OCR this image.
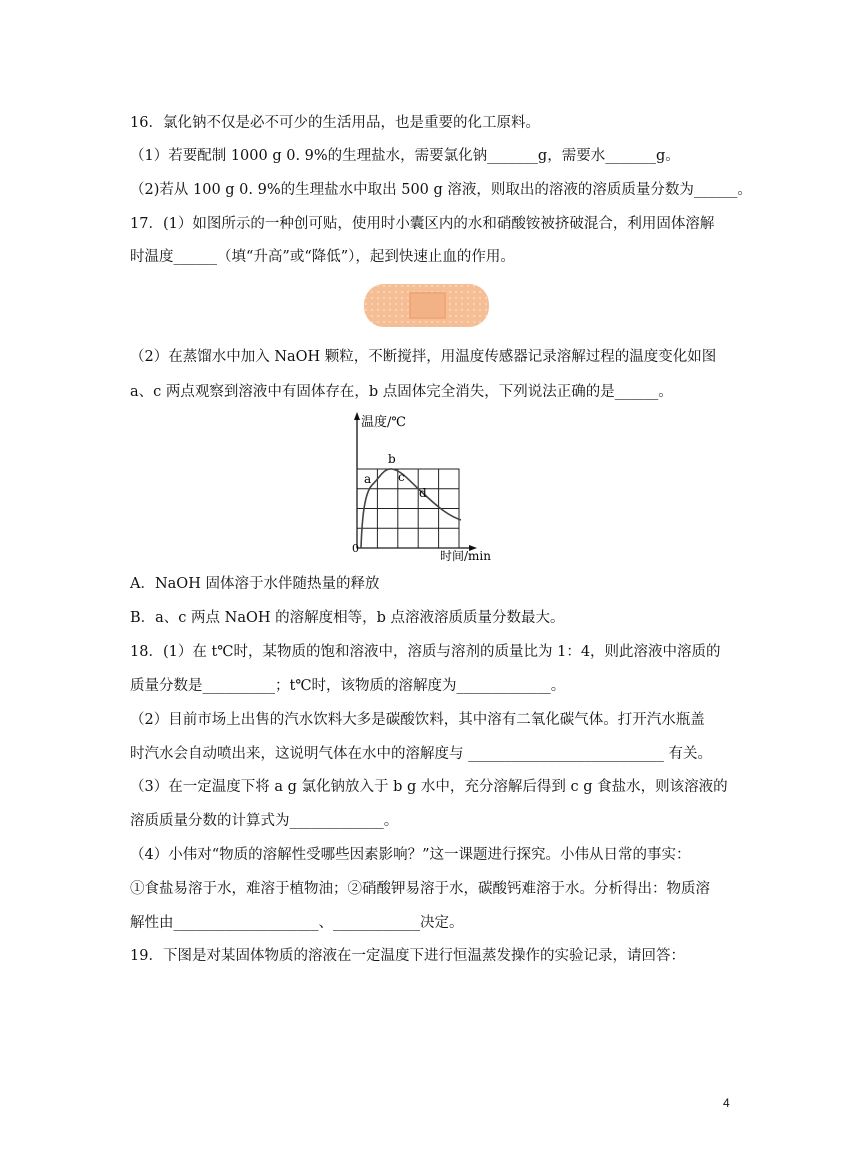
16．氯化钠不仅是必不可少的生活用品，也是重要的化工原料。
（1）若要配制 1000 g 0. 9%的生理盐水，需要氯化钠_______g，需要水_______g。
（2)若从 100 g 0. 9%的生理盐水中取出 500 g 溶液，则取出的溶液的溶质质量分数为______。
17．(1）如图所示的一种创可贴，使用时小囊区内的水和硝酸铵被挤破混合，利用固体溶解
时温度______（填“升高”或“降低”），起到快速止血的作用。
（2）在蒸馏水中加入 NaOH 颗粒，不断搅拌，用温度传感器记录溶解过程的温度变化如图
a、c 两点观察到溶液中有固体存在，b 点固体完全消失，下列说法正确的是______。
温度/℃
时间/min
0
a
b
c
d
A．NaOH 固体溶于水伴随热量的释放
B．a、c 两点 NaOH 的溶解度相等，b 点溶液溶质质量分数最大。
18．(1）在 t℃时，某物质的饱和溶液中，溶质与溶剂的质量比为 1：4，则此溶液中溶质的
质量分数是__________；t℃时，该物质的溶解度为_____________。
（2）目前市场上出售的汽水饮料大多是碳酸饮料，其中溶有二氧化碳气体。打开汽水瓶盖
时汽水会自动喷出来，这说明气体在水中的溶解度与 ___________________________ 有关。
（3）在一定温度下将 a g 氯化钠放入于 b g 水中，充分溶解后得到 c g 食盐水，则该溶液的
溶质质量分数的计算式为_____________。
（4）小伟对“物质的溶解性受哪些因素影响？”这一课题进行探究。小伟从日常的事实：
①食盐易溶于水，难溶于植物油；②硝酸钾易溶于水，碳酸钙难溶于水。分析得出：物质溶
解性由____________________、____________决定。
19．下图是对某固体物质的溶液在一定温度下进行恒温蒸发操作的实验记录，请回答：
4
